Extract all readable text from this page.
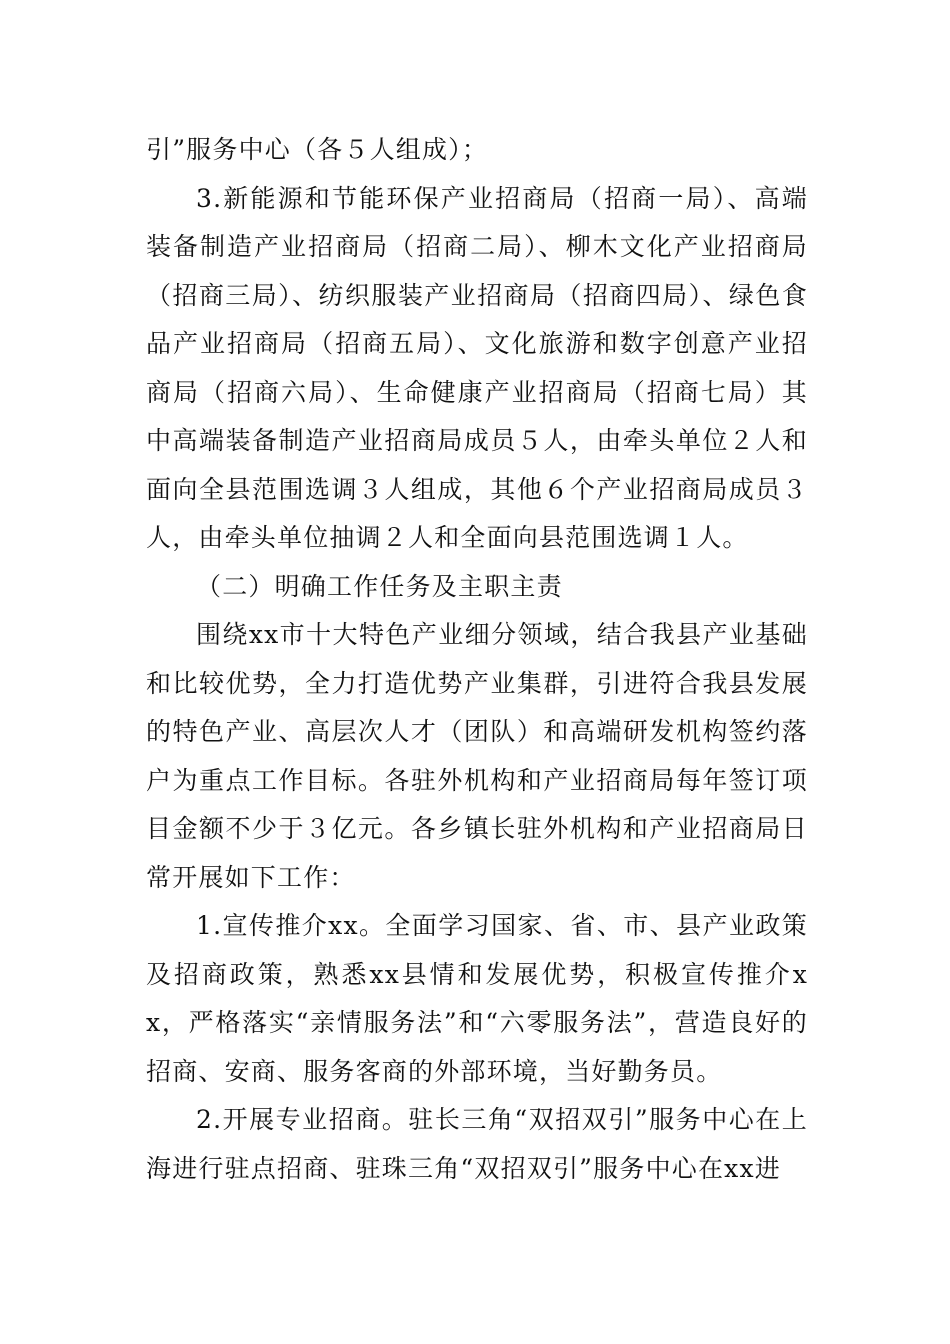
引”服务中心（各５人组成）；

3.新能源和节能环保产业招商局（招商一局）、高端装备制造产业招商局（招商二局）、柳木文化产业招商局（招商三局）、纺织服装产业招商局（招商四局）、绿色食品产业招商局（招商五局）、文化旅游和数字创意产业招商局（招商六局）、生命健康产业招商局（招商七局）其中高端装备制造产业招商局成员５人，由牵头单位２人和面向全县范围选调３人组成，其他６个产业招商局成员３人，由牵头单位抽调２人和全面向县范围选调１人。

（二）明确工作任务及主职主责

围绕xx市十大特色产业细分领域，结合我县产业基础和比较优势，全力打造优势产业集群，引进符合我县发展的特色产业、高层次人才（团队）和高端研发机构签约落户为重点工作目标。各驻外机构和产业招商局每年签订项目金额不少于３亿元。各乡镇长驻外机构和产业招商局日常开展如下工作：

1.宣传推介xx。全面学习国家、省、市、县产业政策及招商政策，熟悉xx县情和发展优势，积极宣传推介xx，严格落实“亲情服务法”和“六零服务法”，营造良好的招商、安商、服务客商的外部环境，当好勤务员。

2.开展专业招商。驻长三角“双招双引”服务中心在上海进行驻点招商、驻珠三角“双招双引”服务中心在xx进
